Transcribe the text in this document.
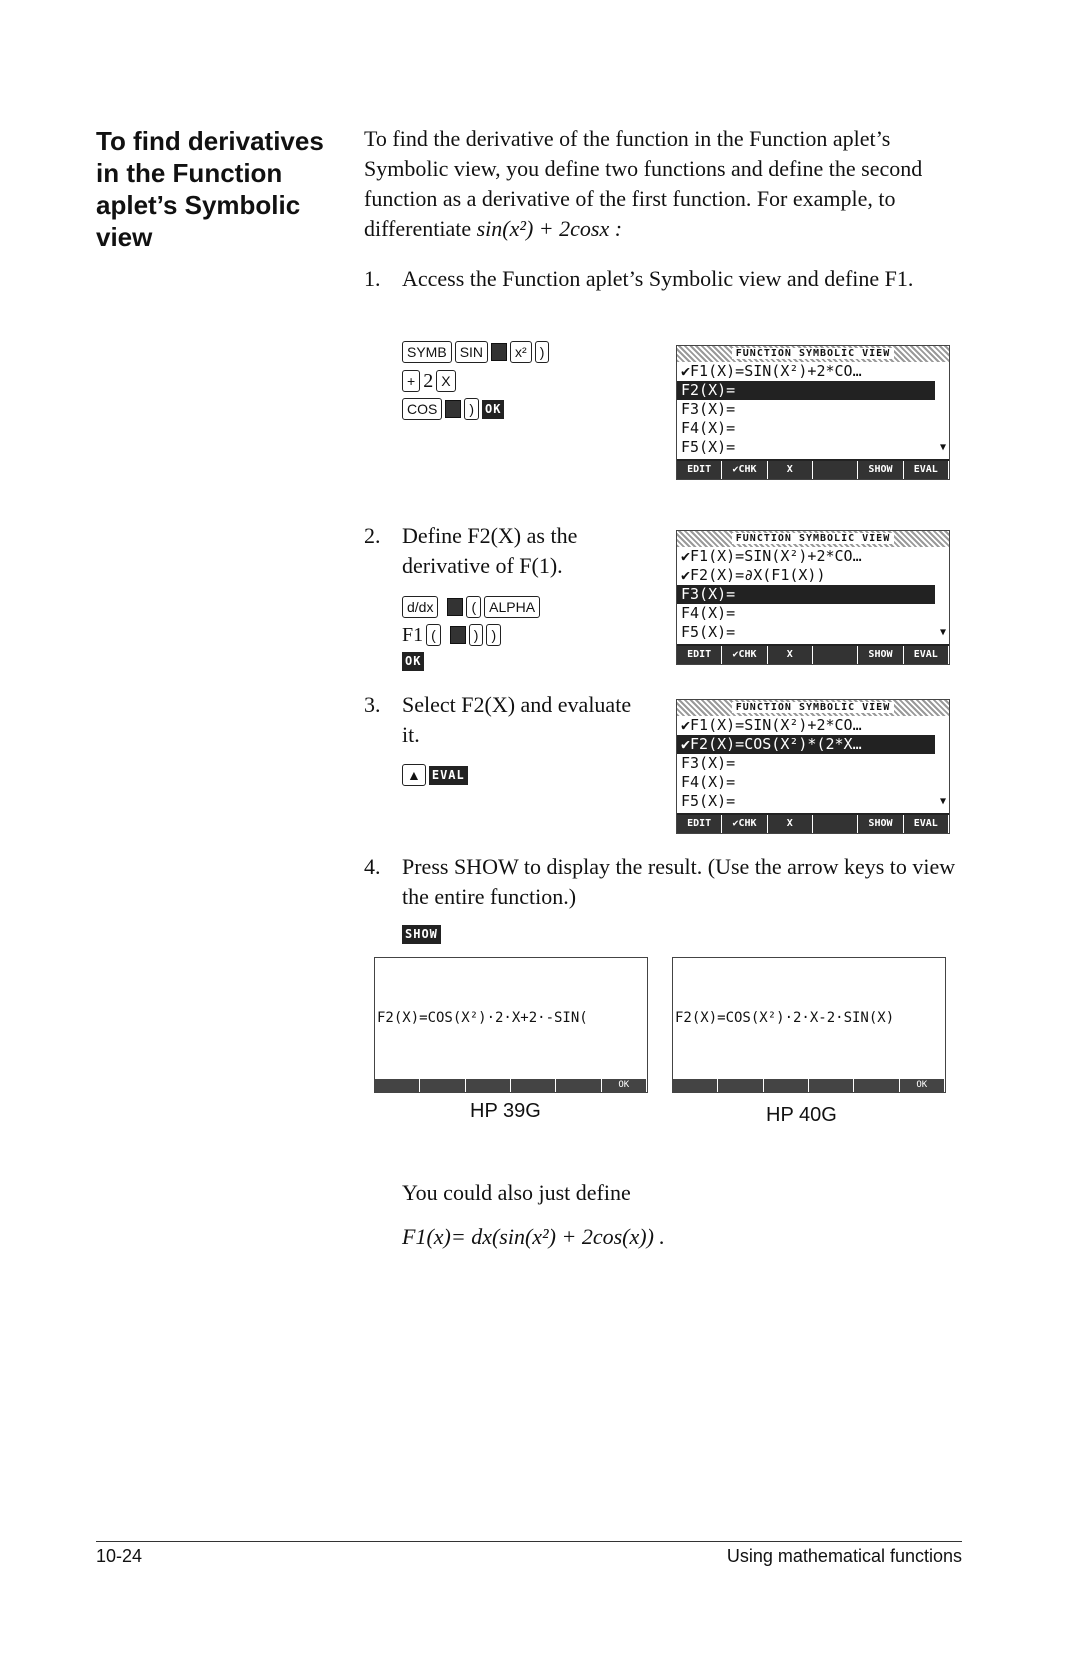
To find derivatives in the Function aplet’s Symbolic view
To find the derivative of the function in the Function aplet’s Symbolic view, you define two functions and define the second function as a derivative of the first function. For example, to differentiate sin(x²) + 2cosx :
1. Access the Function aplet’s Symbolic view and define F1.
SYMB SIN	x² )
+ 2 X
COS	) OK
FUNCTION SYMBOLIC VIEW
✔F1(X)=SIN(X²)+2*CO…
F2(X)=
F3(X)=
F4(X)=
F5(X)=	▼
EDIT	✔CHK	X	SHOW	EVAL
2. Define F2(X) as the derivative of F(1).
d/dx	( ALPHA
F1 (	) )
OK
FUNCTION SYMBOLIC VIEW
✔F1(X)=SIN(X²)+2*CO…
✔F2(X)=∂X(F1(X))
F3(X)=
F4(X)=
F5(X)=	▼
EDIT	✔CHK	X	SHOW	EVAL
3. Select F2(X) and evaluate it.
▲ EVAL
FUNCTION SYMBOLIC VIEW
✔F1(X)=SIN(X²)+2*CO…
✔F2(X)=COS(X²)*(2*X…
F3(X)=
F4(X)=
F5(X)=	▼
EDIT	✔CHK	X	SHOW	EVAL
4. Press SHOW to display the result. (Use the arrow keys to view the entire function.)
SHOW
F2(X)=COS(X²)·2·X+2·-SIN(
OK
F2(X)=COS(X²)·2·X-2·SIN(X)
OK
HP 39G	HP 40G
You could also just define
F1(x)= dx(sin(x²) + 2cos(x)) .
10-24	Using mathematical functions
